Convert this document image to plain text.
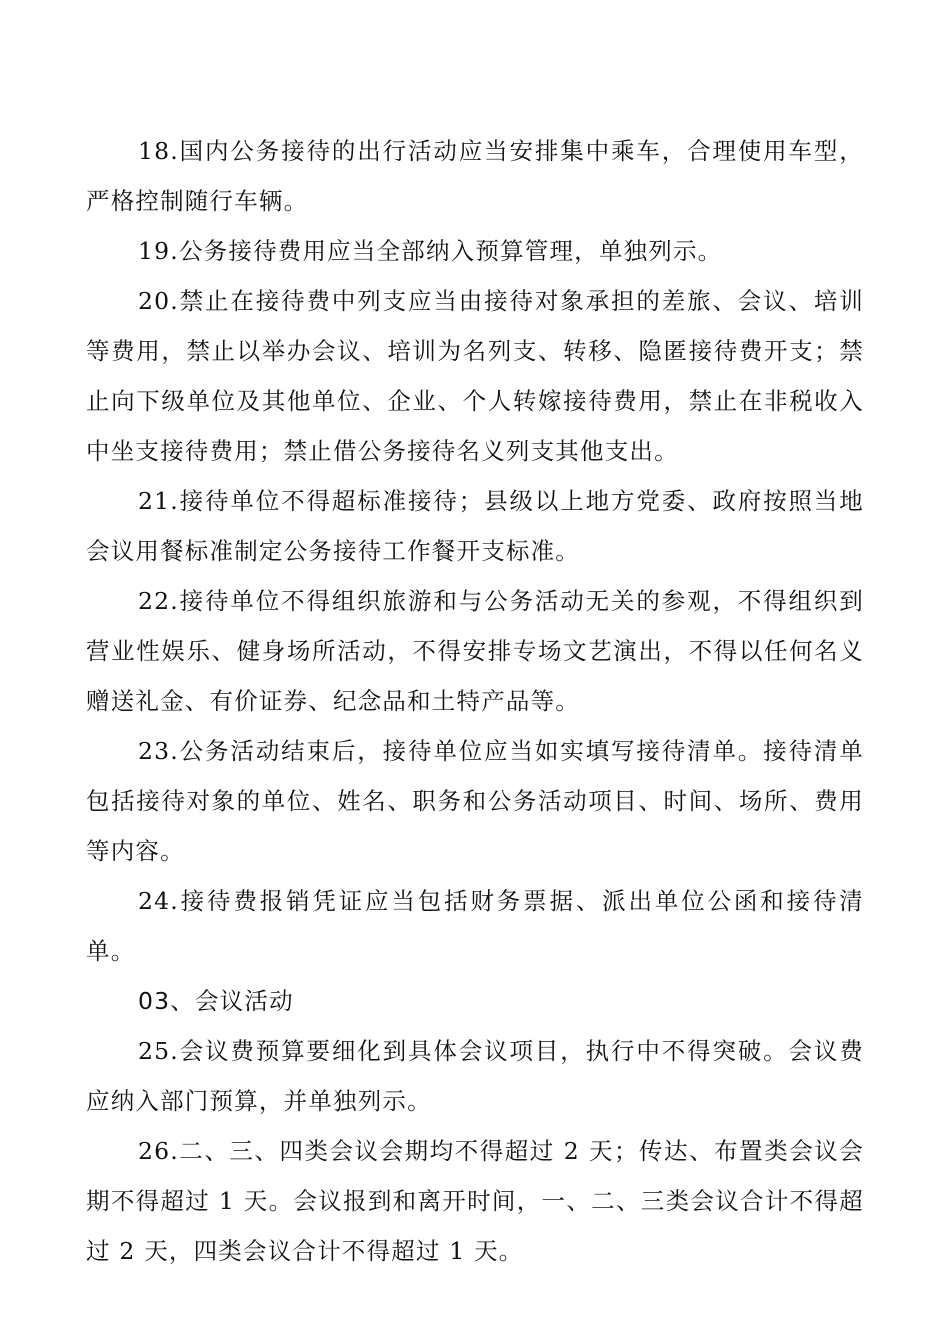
18.国内公务接待的出行活动应当安排集中乘车，合理使用车型，严格控制随行车辆。

19.公务接待费用应当全部纳入预算管理，单独列示。

20.禁止在接待费中列支应当由接待对象承担的差旅、会议、培训等费用，禁止以举办会议、培训为名列支、转移、隐匿接待费开支；禁止向下级单位及其他单位、企业、个人转嫁接待费用，禁止在非税收入中坐支接待费用；禁止借公务接待名义列支其他支出。

21.接待单位不得超标准接待；县级以上地方党委、政府按照当地会议用餐标准制定公务接待工作餐开支标准。

22.接待单位不得组织旅游和与公务活动无关的参观，不得组织到营业性娱乐、健身场所活动，不得安排专场文艺演出，不得以任何名义赠送礼金、有价证券、纪念品和土特产品等。

23.公务活动结束后，接待单位应当如实填写接待清单。接待清单包括接待对象的单位、姓名、职务和公务活动项目、时间、场所、费用等内容。

24.接待费报销凭证应当包括财务票据、派出单位公函和接待清单。

03、会议活动

25.会议费预算要细化到具体会议项目，执行中不得突破。会议费应纳入部门预算，并单独列示。

26.二、三、四类会议会期均不得超过 2 天；传达、布置类会议会期不得超过 1 天。会议报到和离开时间，一、二、三类会议合计不得超过 2 天，四类会议合计不得超过 1 天。
